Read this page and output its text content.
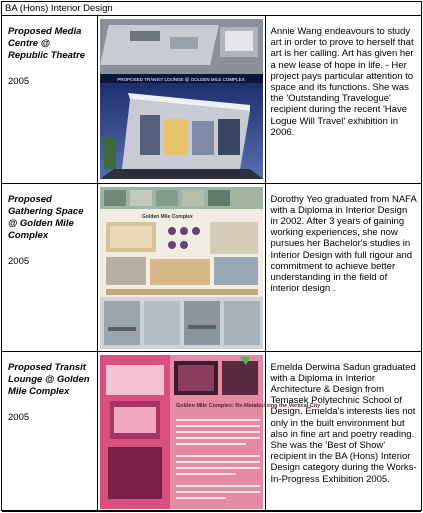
BA (Hons) Interior Design
Proposed Media Centre @ Republic Theatre
2005	PROPOSED TRANSIT LOUNGE @ GOLDEN MILE COMPLEX	Annie Wang endeavours to study art in order to prove to herself that art is her calling. Art has given her a new lease of hope in life. - Her project pays particular attention to space and its functions. She was the 'Outstanding Travelogue' recipient during the recent 'Have Logue Will Travel' exhibition in 2006.

Proposed Gathering Space @ Golden Mile Complex
2005	Golden Mile Complex	Dorothy Yeo graduated from NAFA with a Diploma in Interior Design in 2002. After 3 years of gaining working experiences, she now pursues her Bachelor's studies in Interior Design with full rigour and commitment to achieve better understanding in the field of interior design .

Proposed Transit Lounge @ Golden Mile Complex
2005	Golden Mile Complex: Re-Metabolizing the Vertical City	Emelda Derwina Sadun graduated with a Diploma in Interior Architecture & Design from Temasek Polytechnic School of Design. Emelda's interests lies not only in the built environment but also in fine art and poetry reading. She was the 'Best of Show' recipient in the BA (Hons) Interior Design category during the Works-In-Progress Exhibition 2005.
